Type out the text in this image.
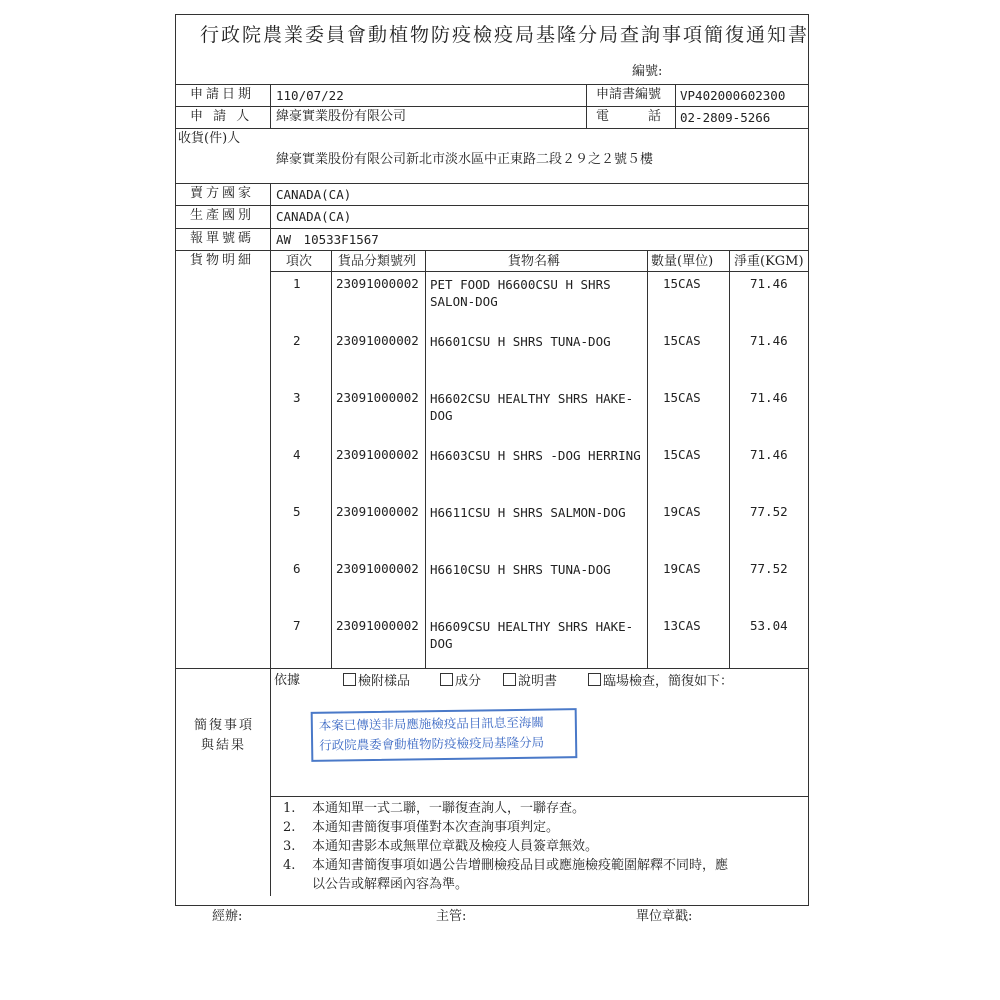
行政院農業委員會動植物防疫檢疫局基隆分局查詢事項簡復通知書
編號:
申請日期 110/07/22	申請書編號 VP402000602300
申 請 人 緯豪實業股份有限公司	電　　　話 02-2809-5266
收貨(件)人
緯豪實業股份有限公司新北市淡水區中正東路二段２９之２號５樓
賣方國家 CANADA(CA)
生產國別 CANADA(CA)
報單號碼 AW　10533F1567
貨物明細 項次 貨品分類號列	貨物名稱	數量(單位) 淨重(KGM)
1	23091000002 PET FOOD H6600CSU H SHRS	15CAS	71.46
SALON-DOG
2	23091000002 H6601CSU H SHRS TUNA-DOG	15CAS	71.46
3	23091000002 H6602CSU HEALTHY SHRS HAKE- 15CAS	71.46
DOG
4	23091000002 H6603CSU H SHRS -DOG HERRING 15CAS	71.46
5	23091000002 H6611CSU H SHRS SALMON-DOG	19CAS	77.52
6	23091000002 H6610CSU H SHRS TUNA-DOG	19CAS	77.52
7	23091000002 H6609CSU HEALTHY SHRS HAKE- 13CAS	53.04
DOG
簡復事項
與結果
依據	檢附樣品	成分	說明書	臨場檢查，簡復如下：
本案已傳送非局應施檢疫品目訊息至海關
行政院農委會動植物防疫檢疫局基隆分局
1. 本通知單一式二聯，一聯復查詢人，一聯存查。
2. 本通知書簡復事項僅對本次查詢事項判定。
3. 本通知書影本或無單位章戳及檢疫人員簽章無效。
4. 本通知書簡復事項如遇公告增刪檢疫品目或應施檢疫範圍解釋不同時，應
以公告或解釋函內容為準。
經辦:	主管:	單位章戳:
